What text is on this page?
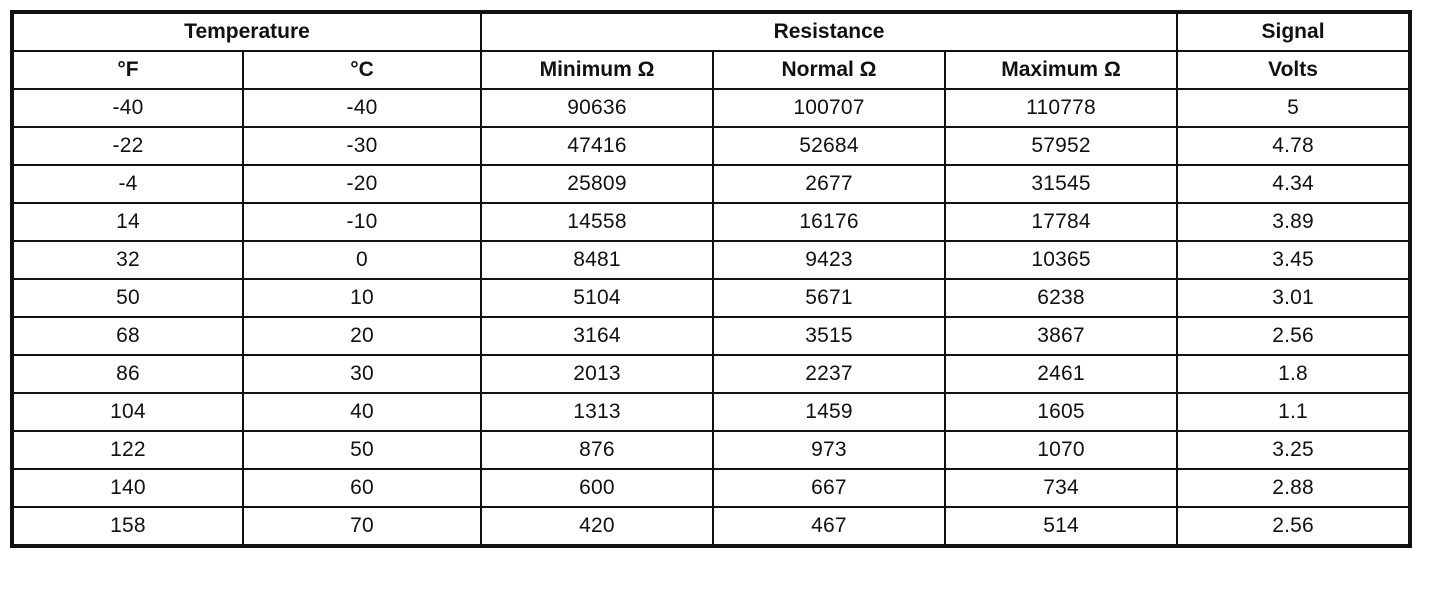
Temperature		Resistance			Signal
°F	°C	Minimum Ω	Normal Ω	Maximum Ω	Volts
-40	-40	90636	100707	110778	5
-22	-30	47416	52684	57952	4.78
-4	-20	25809	2677	31545	4.34
14	-10	14558	16176	17784	3.89
32	0	8481	9423	10365	3.45
50	10	5104	5671	6238	3.01
68	20	3164	3515	3867	2.56
86	30	2013	2237	2461	1.8
104	40	1313	1459	1605	1.1
122	50	876	973	1070	3.25
140	60	600	667	734	2.88
158	70	420	467	514	2.56
